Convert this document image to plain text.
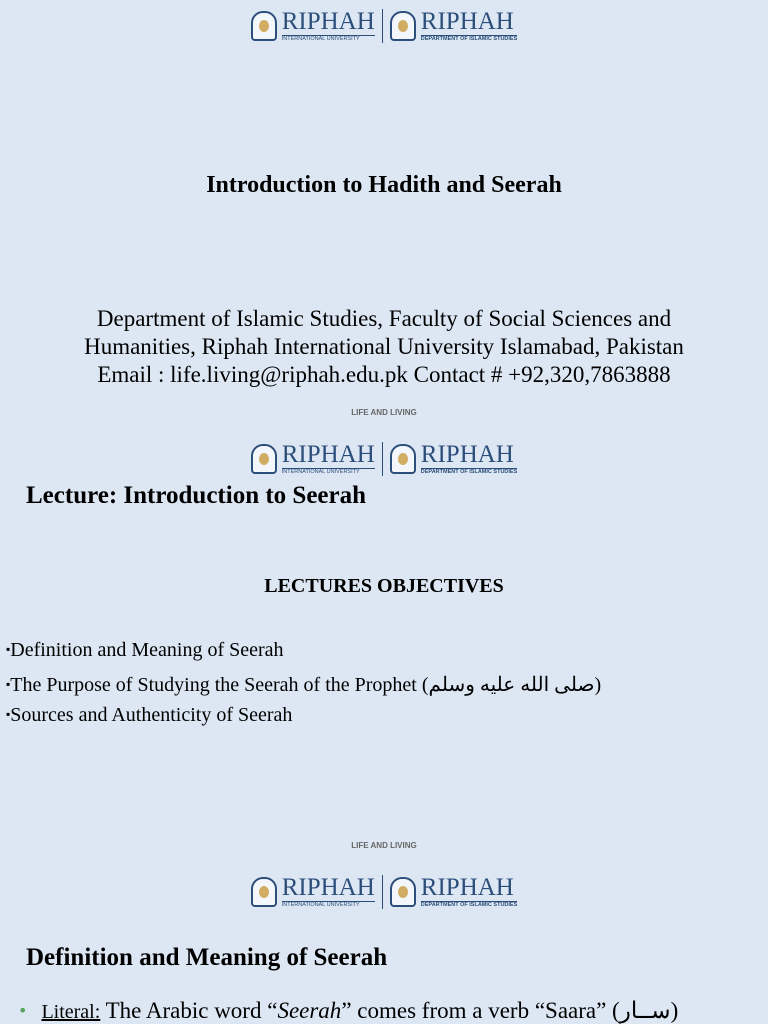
RIPHAH
INTERNATIONAL UNIVERSITY
RIPHAH
DEPARTMENT OF ISLAMIC STUDIES
Introduction to Hadith and Seerah
Department of Islamic Studies, Faculty of Social Sciences and
Humanities, Riphah International University Islamabad, Pakistan
Email : life.living@riphah.edu.pk Contact # +92,320,7863888
LIFE AND LIVING
RIPHAH
INTERNATIONAL UNIVERSITY
RIPHAH
DEPARTMENT OF ISLAMIC STUDIES
Lecture: Introduction to Seerah
LECTURES OBJECTIVES
▪Definition and Meaning of Seerah
▪The Purpose of Studying the Seerah of the Prophet (صلى الله عليه وسلم)
▪Sources and Authenticity of Seerah
LIFE AND LIVING
RIPHAH
INTERNATIONAL UNIVERSITY
RIPHAH
DEPARTMENT OF ISLAMIC STUDIES
Definition and Meaning of Seerah
• Literal: The Arabic word “Seerah” comes from a verb “Saara” (ســار)
